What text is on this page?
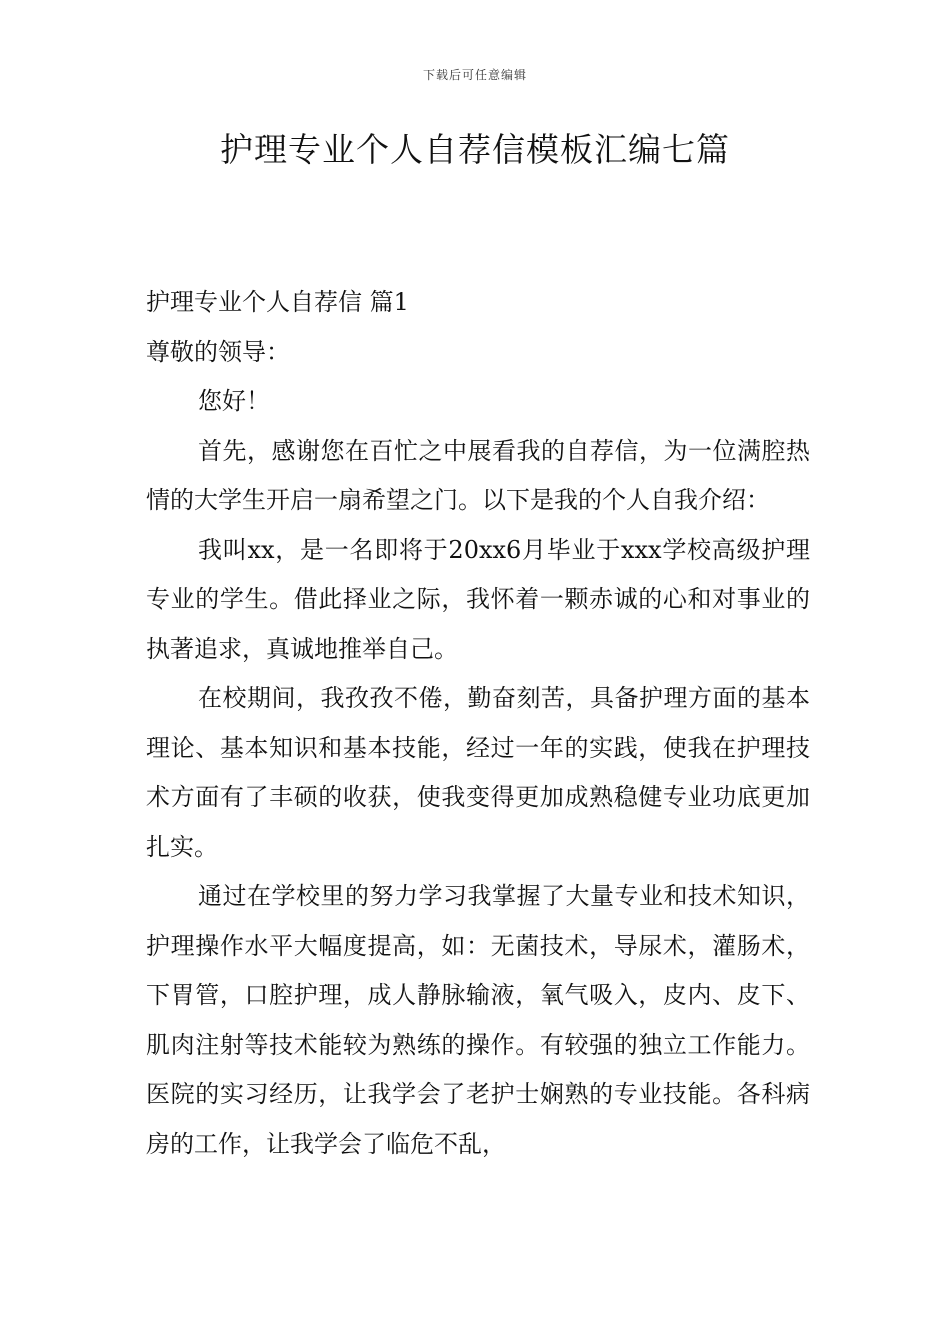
下载后可任意编辑
护理专业个人自荐信模板汇编七篇

护理专业个人自荐信 篇1

尊敬的领导：

您好！

首先，感谢您在百忙之中展看我的自荐信，为一位满腔热情的大学生开启一扇希望之门。以下是我的个人自我介绍：

我叫xx，是一名即将于20xx6月毕业于xxx学校高级护理专业的学生。借此择业之际，我怀着一颗赤诚的心和对事业的执著追求，真诚地推举自己。

在校期间，我孜孜不倦，勤奋刻苦，具备护理方面的基本理论、基本知识和基本技能，经过一年的实践，使我在护理技术方面有了丰硕的收获，使我变得更加成熟稳健专业功底更加扎实。

通过在学校里的努力学习我掌握了大量专业和技术知识，护理操作水平大幅度提高，如：无菌技术，导尿术，灌肠术，下胃管，口腔护理，成人静脉输液，氧气吸入，皮内、皮下、肌肉注射等技术能较为熟练的操作。有较强的独立工作能力。医院的实习经历，让我学会了老护士娴熟的专业技能。各科病房的工作，让我学会了临危不乱，
